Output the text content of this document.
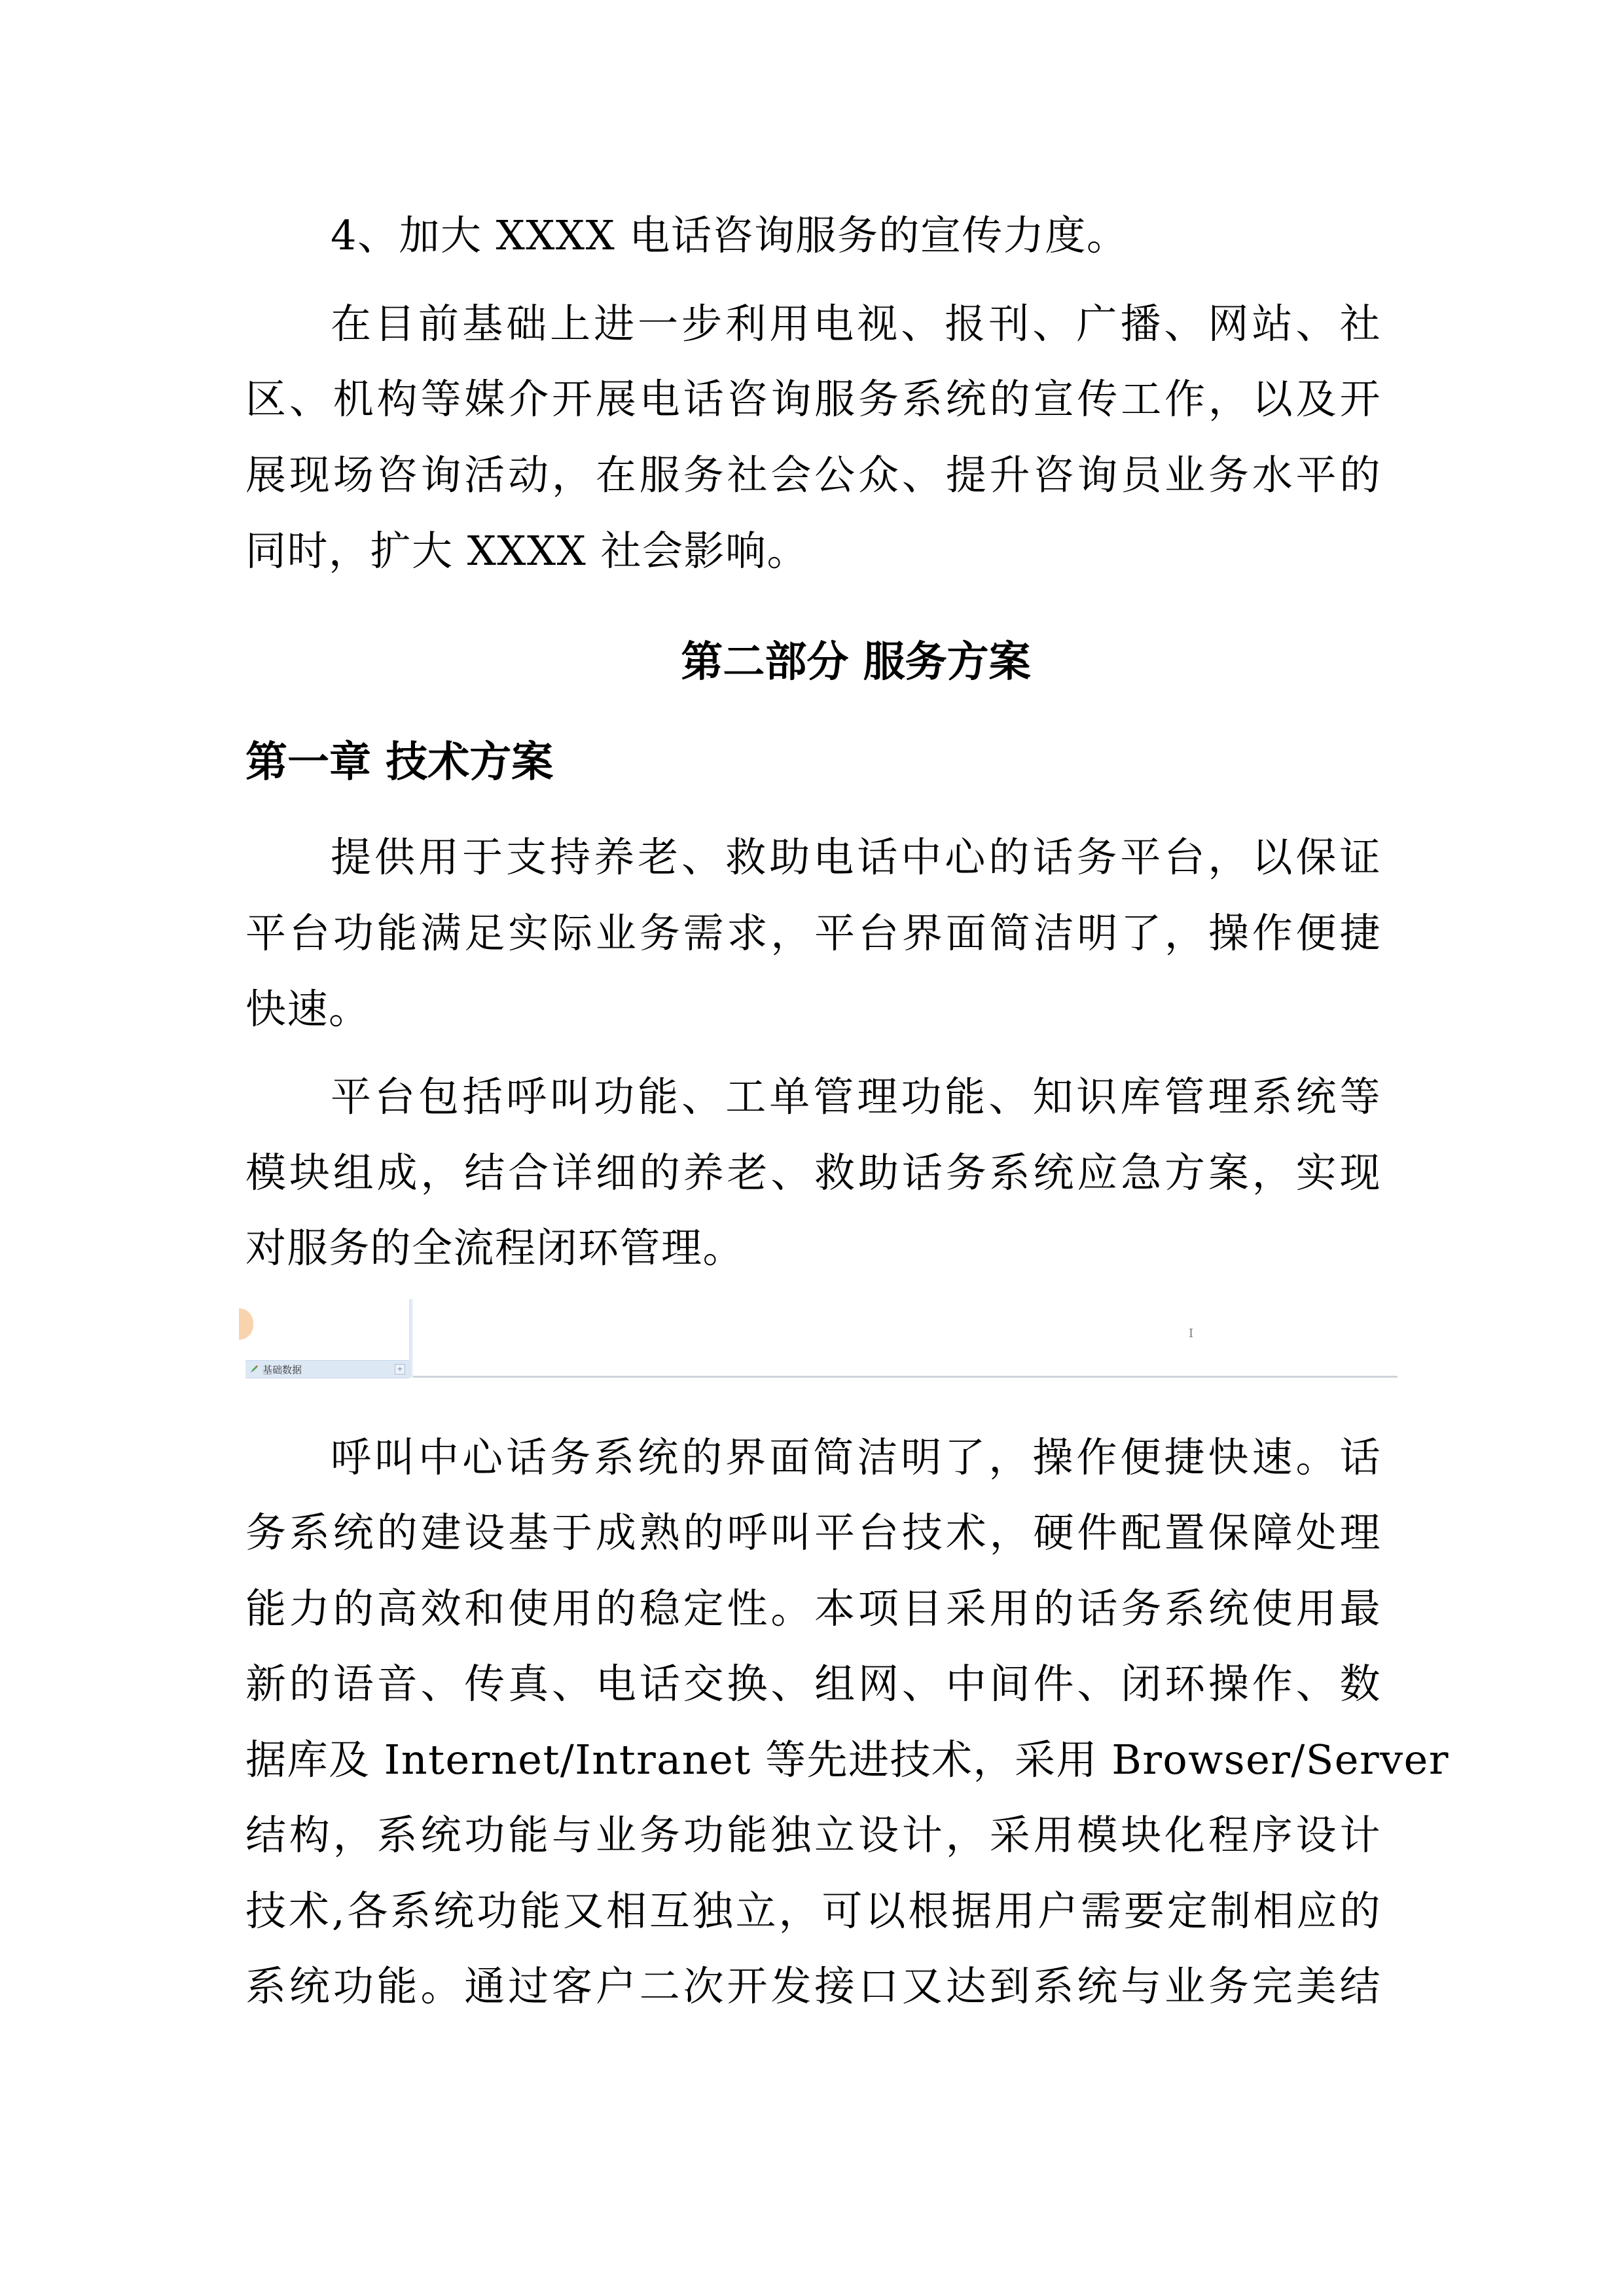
4、加大 XXXX 电话咨询服务的宣传力度。
在目前基础上进一步利用电视、报刊、广播、网站、社
区、机构等媒介开展电话咨询服务系统的宣传工作，以及开
展现场咨询活动，在服务社会公众、提升咨询员业务水平的
同时，扩大 XXXX 社会影响。
第二部分 服务方案
第一章 技术方案
提供用于支持养老、救助电话中心的话务平台，以保证
平台功能满足实际业务需求，平台界面简洁明了，操作便捷
快速。
平台包括呼叫功能、工单管理功能、知识库管理系统等
模块组成，结合详细的养老、救助话务系统应急方案，实现
对服务的全流程闭环管理。
基础数据	+
I
呼叫中心话务系统的界面简洁明了，操作便捷快速。话
务系统的建设基于成熟的呼叫平台技术，硬件配置保障处理
能力的高效和使用的稳定性。本项目采用的话务系统使用最
新的语音、传真、电话交换、组网、中间件、闭环操作、数
据库及 Internet/Intranet 等先进技术，采用 Browser/Server
结构，系统功能与业务功能独立设计，采用模块化程序设计
技术,各系统功能又相互独立，可以根据用户需要定制相应的
系统功能。通过客户二次开发接口又达到系统与业务完美结
